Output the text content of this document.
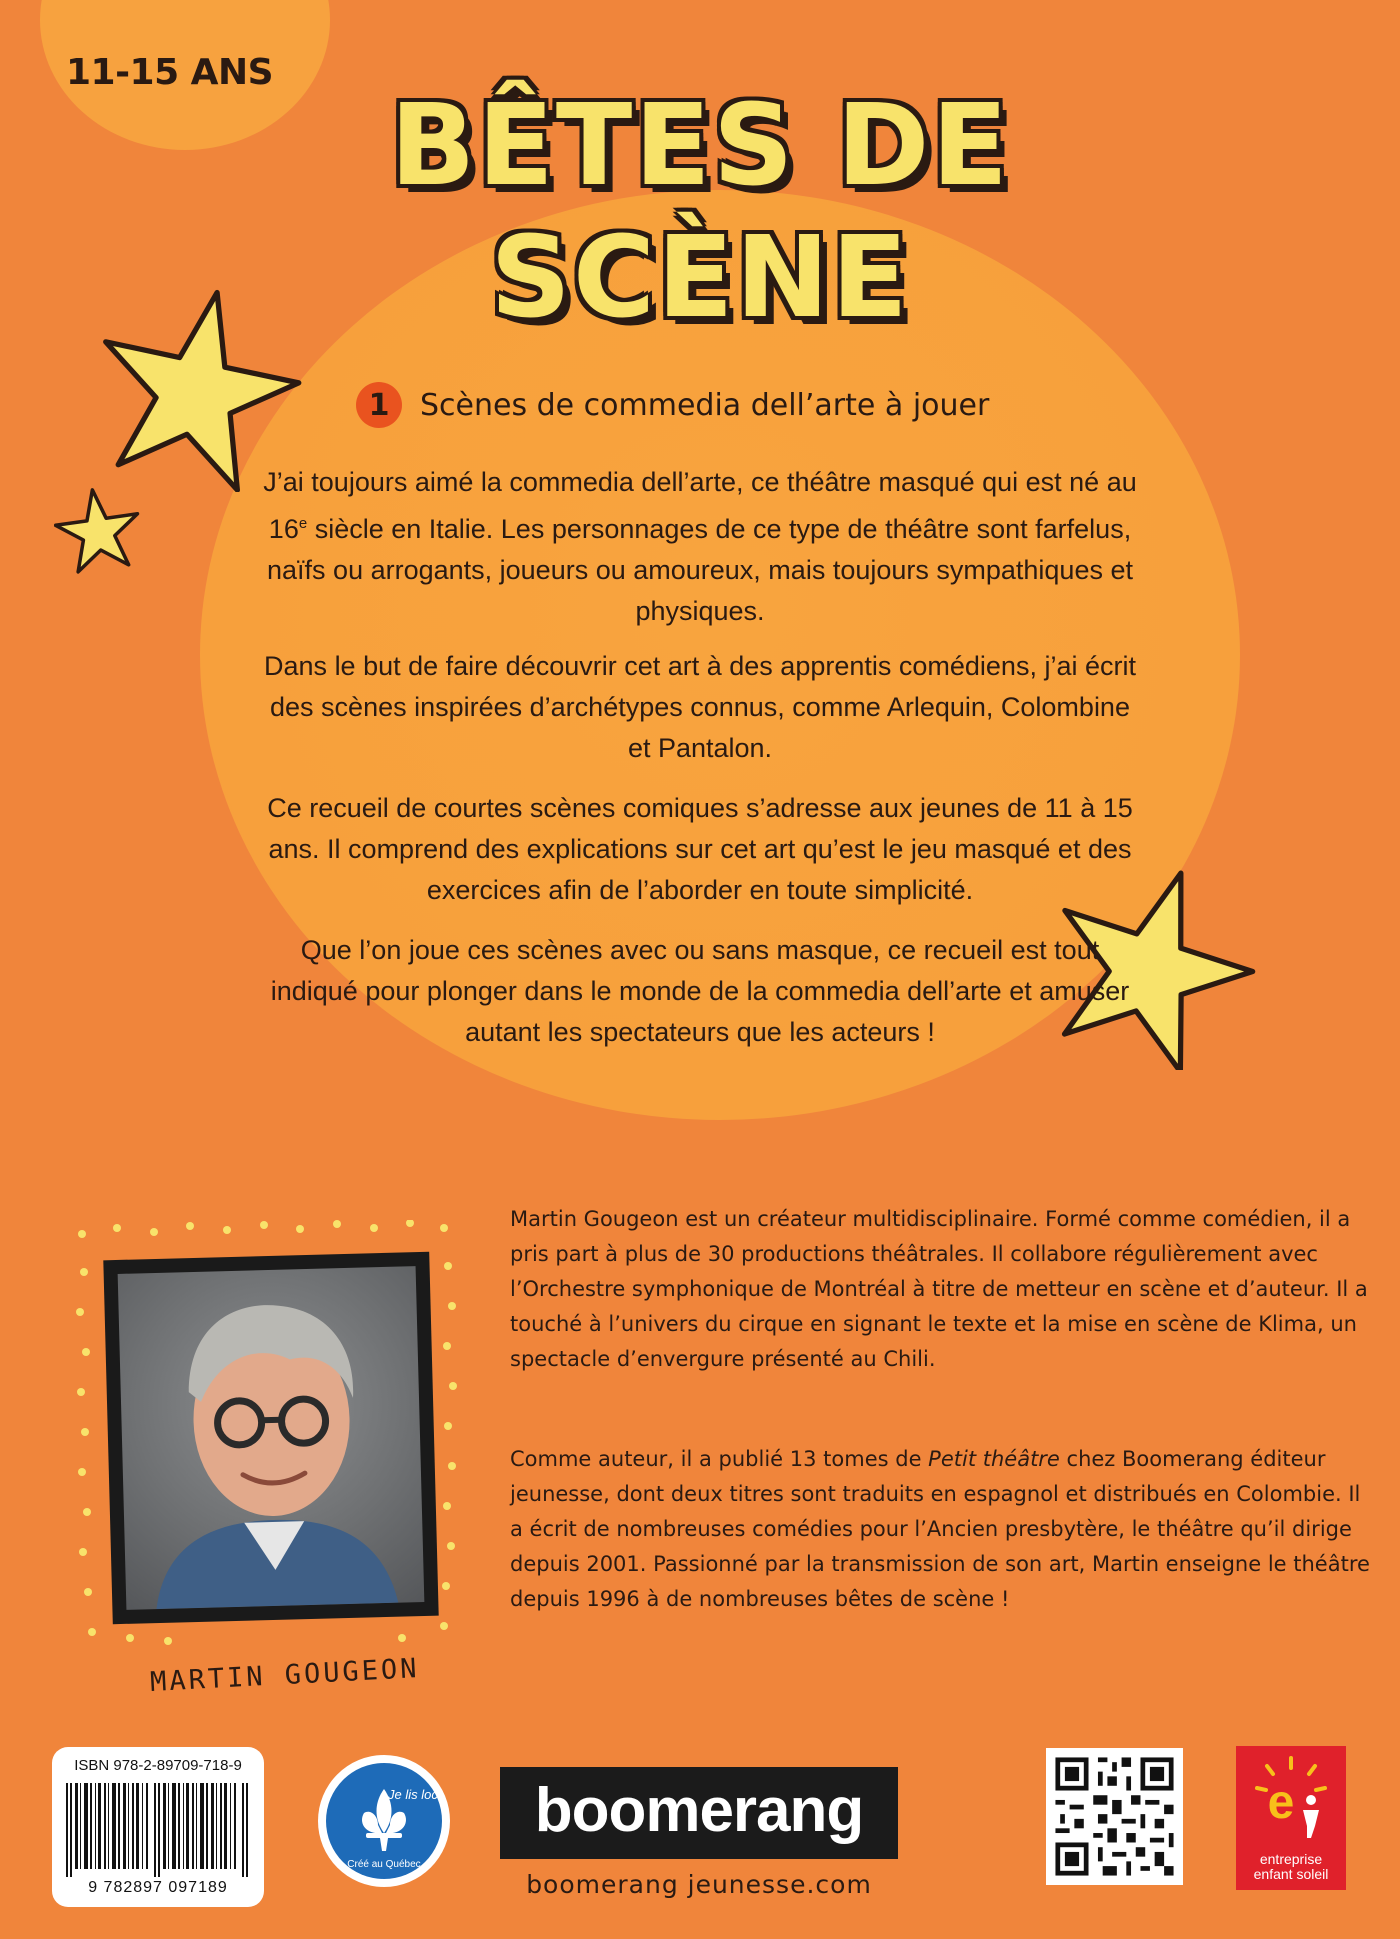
11-15 ANS
BÊTES DE
SCÈNE
1	Scènes de commedia dell’arte à jouer

J’ai toujours aimé la commedia dell’arte, ce théâtre masqué qui est né au 16e siècle en Italie. Les personnages de ce type de théâtre sont farfelus, naïfs ou arrogants, joueurs ou amoureux, mais toujours sympathiques et physiques.

Dans le but de faire découvrir cet art à des apprentis comédiens, j’ai écrit des scènes inspirées d’archétypes connus, comme Arlequin, Colombine et Pantalon.

Ce recueil de courtes scènes comiques s’adresse aux jeunes de 11 à 15 ans. Il comprend des explications sur cet art qu’est le jeu masqué et des exercices afin de l’aborder en toute simplicité.

Que l’on joue ces scènes avec ou sans masque, ce recueil est tout indiqué pour plonger dans le monde de la commedia dell’arte et amuser autant les spectateurs que les acteurs !

MARTIN GOUGEON

Martin Gougeon est un créateur multidisciplinaire. Formé comme comédien, il a pris part à plus de 30 productions théâtrales. Il collabore régulièrement avec l’Orchestre symphonique de Montréal à titre de metteur en scène et d’auteur. Il a touché à l’univers du cirque en signant le texte et la mise en scène de Klima, un spectacle d’envergure présenté au Chili.

Comme auteur, il a publié 13 tomes de Petit théâtre chez Boomerang éditeur jeunesse, dont deux titres sont traduits en espagnol et distribués en Colombie. Il a écrit de nombreuses comédies pour l’Ancien presbytère, le théâtre qu’il dirige depuis 2001. Passionné par la transmission de son art, Martin enseigne le théâtre depuis 1996 à de nombreuses bêtes de scène !

ISBN 978-2-89709-718-9
9 782897 097189
Je lis local
Créé au Québec
boomerang
boomerang jeunesse.com
e
entreprise
enfant soleil
